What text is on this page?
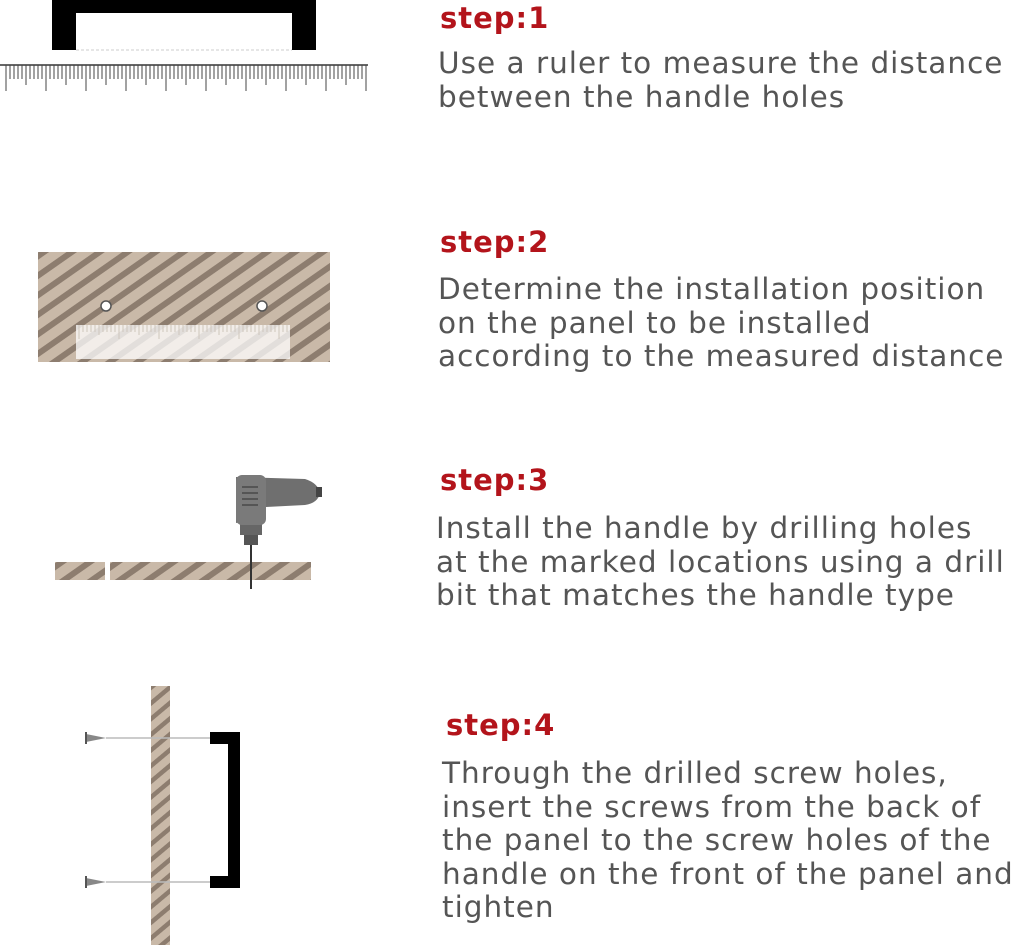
step:1
Use a ruler to measure the distance
between the handle holes
step:2
Determine the installation position
on the panel to be installed
according to the measured distance
step:3
Install the handle by drilling holes
at the marked locations using a drill
bit that matches the handle type
step:4
Through the drilled screw holes,
insert the screws from the back of
the panel to the screw holes of the
handle on the front of the panel and
tighten
